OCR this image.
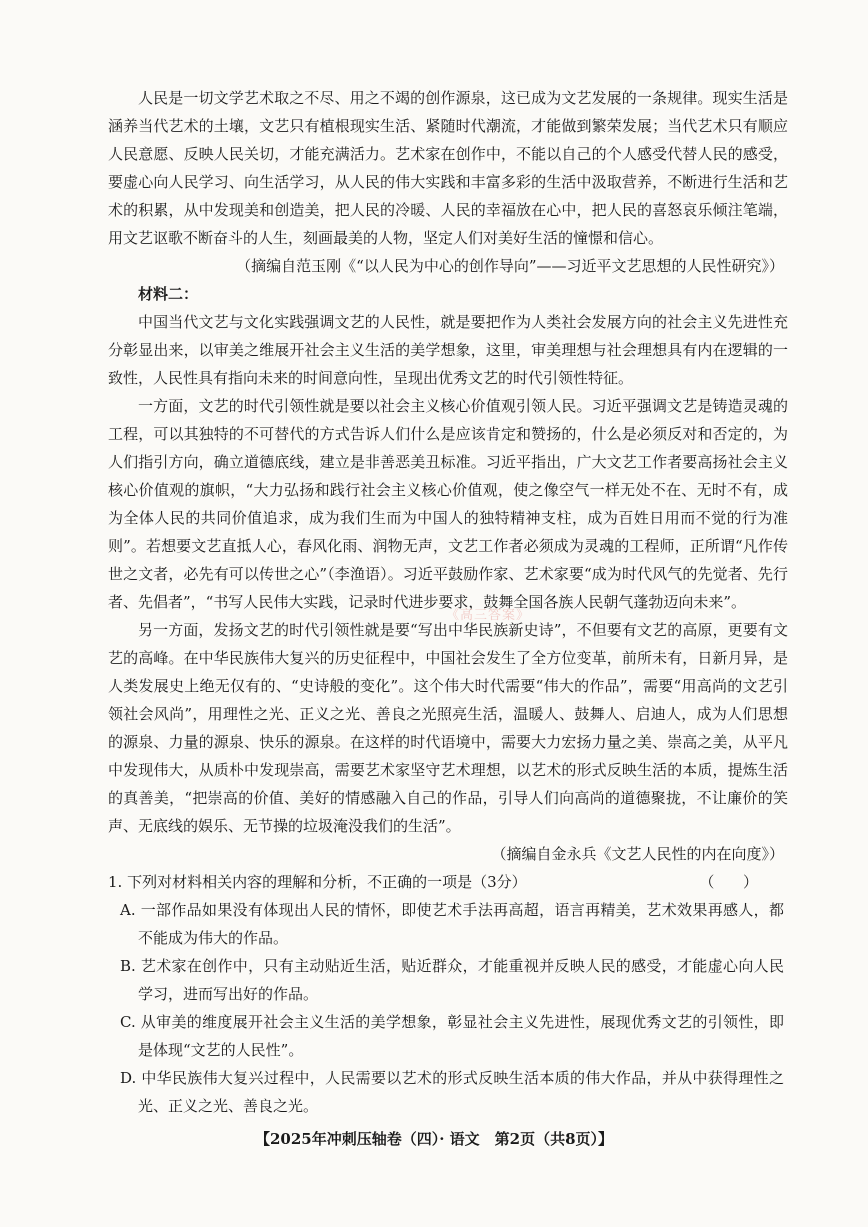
人民是一切文学艺术取之不尽、用之不竭的创作源泉，这已成为文艺发展的一条规律。现实生活是涵养当代艺术的土壤，文艺只有植根现实生活、紧随时代潮流，才能做到繁荣发展；当代艺术只有顺应人民意愿、反映人民关切，才能充满活力。艺术家在创作中，不能以自己的个人感受代替人民的感受，要虚心向人民学习、向生活学习，从人民的伟大实践和丰富多彩的生活中汲取营养，不断进行生活和艺术的积累，从中发现美和创造美，把人民的冷暖、人民的幸福放在心中，把人民的喜怒哀乐倾注笔端，用文艺讴歌不断奋斗的人生，刻画最美的人物，坚定人们对美好生活的憧憬和信心。

（摘编自范玉刚《“以人民为中心的创作导向”——习近平文艺思想的人民性研究》）

材料二：

中国当代文艺与文化实践强调文艺的人民性，就是要把作为人类社会发展方向的社会主义先进性充分彰显出来，以审美之维展开社会主义生活的美学想象，这里，审美理想与社会理想具有内在逻辑的一致性，人民性具有指向未来的时间意向性，呈现出优秀文艺的时代引领性特征。

一方面，文艺的时代引领性就是要以社会主义核心价值观引领人民。习近平强调文艺是铸造灵魂的工程，可以其独特的不可替代的方式告诉人们什么是应该肯定和赞扬的，什么是必须反对和否定的，为人们指引方向，确立道德底线，建立是非善恶美丑标准。习近平指出，广大文艺工作者要高扬社会主义核心价值观的旗帜，“大力弘扬和践行社会主义核心价值观，使之像空气一样无处不在、无时不有，成为全体人民的共同价值追求，成为我们生而为中国人的独特精神支柱，成为百姓日用而不觉的行为准则”。若想要文艺直抵人心，春风化雨、润物无声，文艺工作者必须成为灵魂的工程师，正所谓“凡作传世之文者，必先有可以传世之心”（李渔语）。习近平鼓励作家、艺术家要“成为时代风气的先觉者、先行者、先倡者”，“书写人民伟大实践，记录时代进步要求，鼓舞全国各族人民朝气蓬勃迈向未来”。

另一方面，发扬文艺的时代引领性就是要“写出中华民族新史诗”，不但要有文艺的高原，更要有文艺的高峰。在中华民族伟大复兴的历史征程中，中国社会发生了全方位变革，前所未有，日新月异，是人类发展史上绝无仅有的、“史诗般的变化”。这个伟大时代需要“伟大的作品”，需要“用高尚的文艺引领社会风尚”，用理性之光、正义之光、善良之光照亮生活，温暖人、鼓舞人、启迪人，成为人们思想的源泉、力量的源泉、快乐的源泉。在这样的时代语境中，需要大力宏扬力量之美、崇高之美，从平凡中发现伟大，从质朴中发现崇高，需要艺术家坚守艺术理想，以艺术的形式反映生活的本质，提炼生活的真善美，“把崇高的价值、美好的情感融入自己的作品，引导人们向高尚的道德聚拢，不让廉价的笑声、无底线的娱乐、无节操的垃圾淹没我们的生活”。

（摘编自金永兵《文艺人民性的内在向度》）

1. 下列对材料相关内容的理解和分析，不正确的一项是（3分）	（      ）

A. 一部作品如果没有体现出人民的情怀，即使艺术手法再高超，语言再精美，艺术效果再感人，都不能成为伟大的作品。

B. 艺术家在创作中，只有主动贴近生活，贴近群众，才能重视并反映人民的感受，才能虚心向人民学习，进而写出好的作品。

C. 从审美的维度展开社会主义生活的美学想象，彰显社会主义先进性，展现优秀文艺的引领性，即是体现“文艺的人民性”。

D. 中华民族伟大复兴过程中，人民需要以艺术的形式反映生活本质的伟大作品，并从中获得理性之光、正义之光、善良之光。

《高三答案》
【2025年冲刺压轴卷（四）· 语文　第2页（共8页）】
